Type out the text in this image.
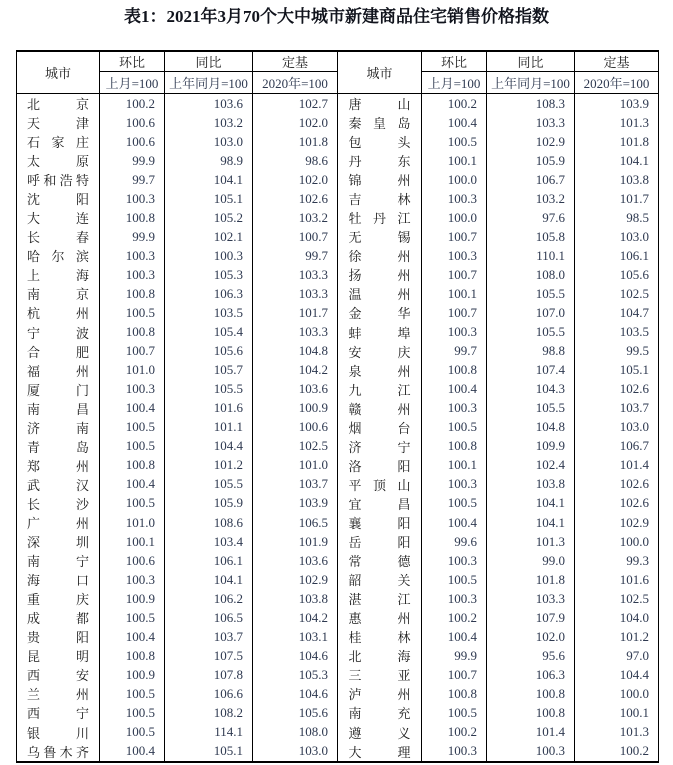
表1：2021年3月70个大中城市新建商品住宅销售价格指数
城市	环比	同比	定基	城市	环比	同比	定基
	上月=100	上年同月=100	2020年=100		上月=100	上年同月=100	2020年=100
北京	100.2	103.6	102.7	唐山	100.2	108.3	103.9
天津	100.6	103.2	102.0	秦皇岛	100.4	103.3	101.3
石家庄	100.6	103.0	101.8	包头	100.5	102.9	101.8
太原	99.9	98.9	98.6	丹东	100.1	105.9	104.1
呼和浩特	99.7	104.1	102.0	锦州	100.0	106.7	103.8
沈阳	100.3	105.1	102.6	吉林	100.3	103.2	101.7
大连	100.8	105.2	103.2	牡丹江	100.0	97.6	98.5
长春	99.9	102.1	100.7	无锡	100.7	105.8	103.0
哈尔滨	100.3	100.3	99.7	徐州	100.3	110.1	106.1
上海	100.3	105.3	103.3	扬州	100.7	108.0	105.6
南京	100.8	106.3	103.3	温州	100.1	105.5	102.5
杭州	100.5	103.5	101.7	金华	100.7	107.0	104.7
宁波	100.8	105.4	103.3	蚌埠	100.3	105.5	103.5
合肥	100.7	105.6	104.8	安庆	99.7	98.8	99.5
福州	101.0	105.7	104.2	泉州	100.8	107.4	105.1
厦门	100.3	105.5	103.6	九江	100.4	104.3	102.6
南昌	100.4	101.6	100.9	赣州	100.3	105.5	103.7
济南	100.5	101.1	100.6	烟台	100.5	104.8	103.0
青岛	100.5	104.4	102.5	济宁	100.8	109.9	106.7
郑州	100.8	101.2	101.0	洛阳	100.1	102.4	101.4
武汉	100.4	105.5	103.7	平顶山	100.3	103.8	102.6
长沙	100.5	105.9	103.9	宜昌	100.5	104.1	102.6
广州	101.0	108.6	106.5	襄阳	100.4	104.1	102.9
深圳	100.1	103.4	101.9	岳阳	99.6	101.3	100.0
南宁	100.6	106.1	103.6	常德	100.3	99.0	99.3
海口	100.3	104.1	102.9	韶关	100.5	101.8	101.6
重庆	100.9	106.2	103.8	湛江	100.3	103.3	102.5
成都	100.5	106.5	104.2	惠州	100.2	107.9	104.0
贵阳	100.4	103.7	103.1	桂林	100.4	102.0	101.2
昆明	100.8	107.5	104.6	北海	99.9	95.6	97.0
西安	100.9	107.8	105.3	三亚	100.7	106.3	104.4
兰州	100.5	106.6	104.6	泸州	100.8	100.8	100.0
西宁	100.5	108.2	105.6	南充	100.5	100.8	100.1
银川	100.5	114.1	108.0	遵义	100.2	101.4	101.3
乌鲁木齐	100.4	105.1	103.0	大理	100.3	100.3	100.2
